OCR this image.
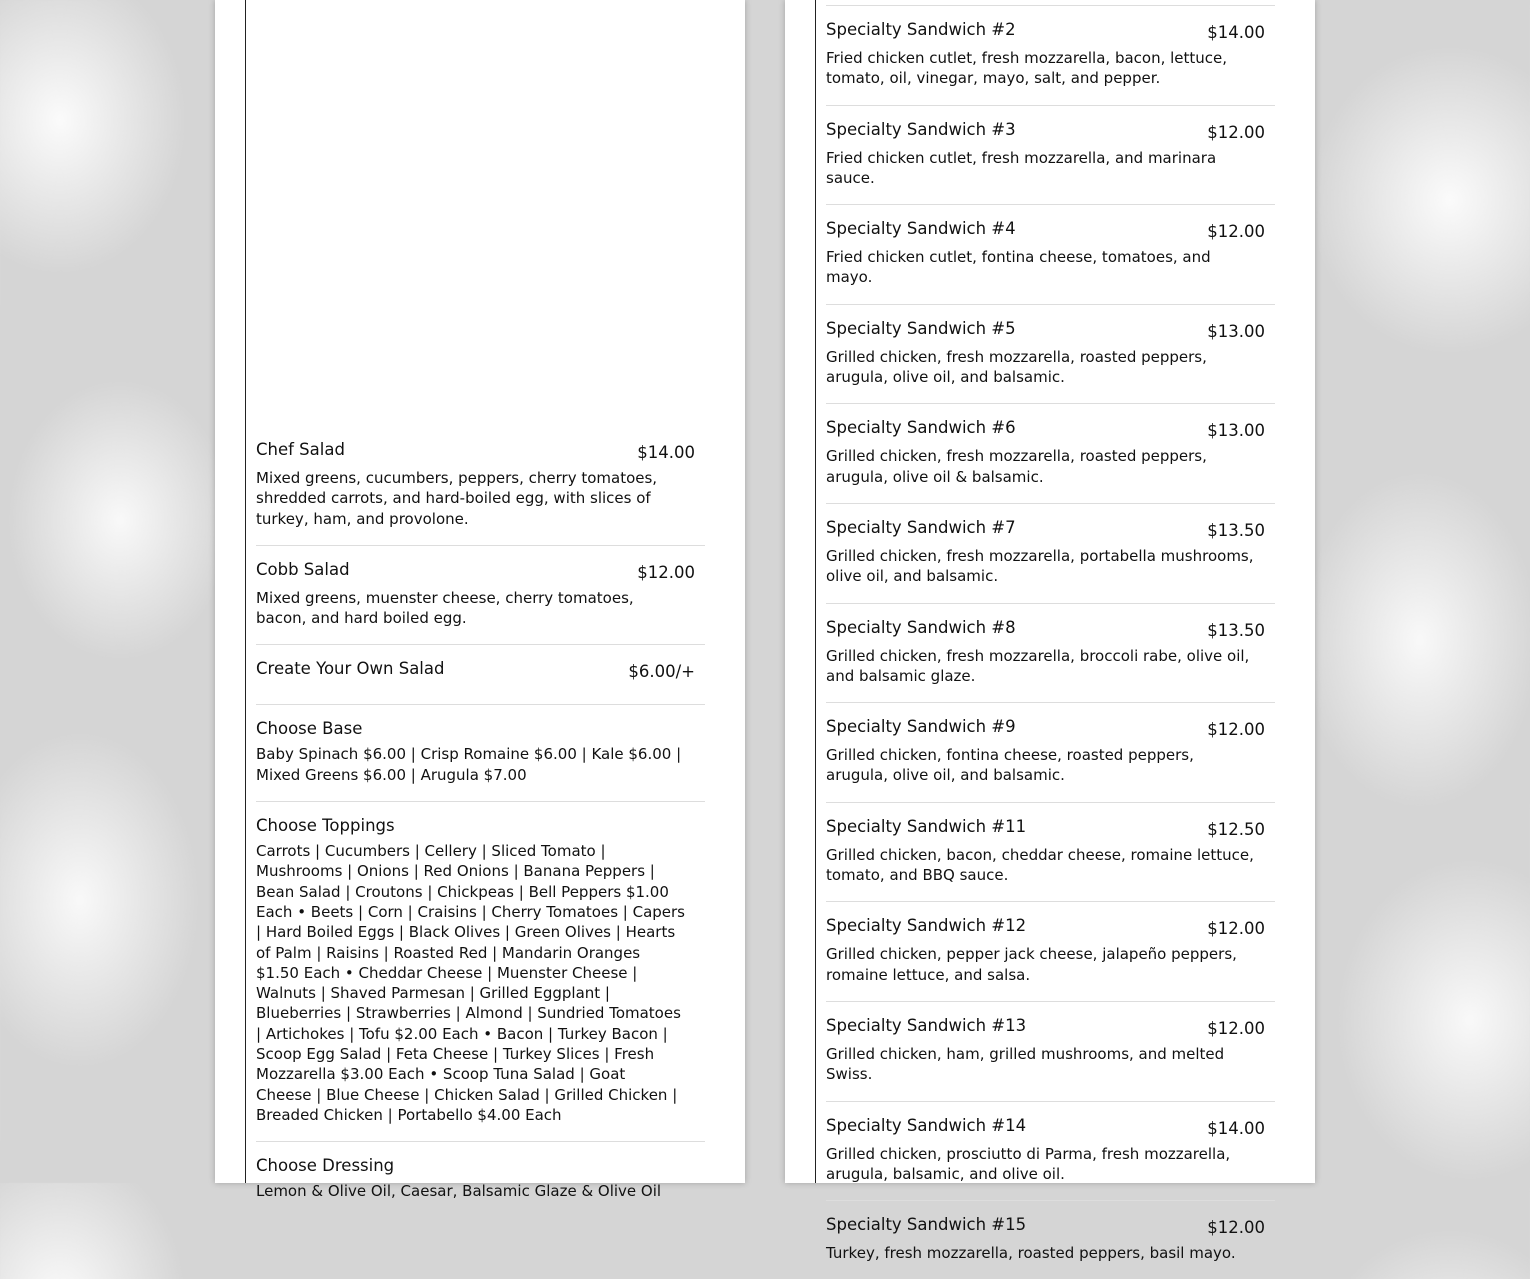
Chef Salad	$14.00
Mixed greens, cucumbers, peppers, cherry tomatoes, shredded carrots, and hard-boiled egg, with slices of turkey, ham, and provolone.
Cobb Salad	$12.00
Mixed greens, muenster cheese, cherry tomatoes, bacon, and hard boiled egg.
Create Your Own Salad	$6.00/+
Choose Base
Baby Spinach $6.00 | Crisp Romaine $6.00 | Kale $6.00 | Mixed Greens $6.00 | Arugula $7.00
Choose Toppings
Carrots | Cucumbers | Cellery | Sliced Tomato | Mushrooms | Onions | Red Onions | Banana Peppers | Bean Salad | Croutons | Chickpeas | Bell Peppers $1.00 Each • Beets | Corn | Craisins | Cherry Tomatoes | Capers | Hard Boiled Eggs | Black Olives | Green Olives | Hearts of Palm | Raisins | Roasted Red | Mandarin Oranges $1.50 Each • Cheddar Cheese | Muenster Cheese | Walnuts | Shaved Parmesan | Grilled Eggplant | Blueberries | Strawberries | Almond | Sundried Tomatoes | Artichokes | Tofu $2.00 Each • Bacon | Turkey Bacon | Scoop Egg Salad | Feta Cheese | Turkey Slices | Fresh Mozzarella $3.00 Each • Scoop Tuna Salad | Goat Cheese | Blue Cheese | Chicken Salad | Grilled Chicken | Breaded Chicken | Portabello $4.00 Each
Choose Dressing
Lemon & Olive Oil, Caesar, Balsamic Glaze & Olive Oil
Specialty Sandwich #2	$14.00
Fried chicken cutlet, fresh mozzarella, bacon, lettuce, tomato, oil, vinegar, mayo, salt, and pepper.
Specialty Sandwich #3	$12.00
Fried chicken cutlet, fresh mozzarella, and marinara sauce.
Specialty Sandwich #4	$12.00
Fried chicken cutlet, fontina cheese, tomatoes, and mayo.
Specialty Sandwich #5	$13.00
Grilled chicken, fresh mozzarella, roasted peppers, arugula, olive oil, and balsamic.
Specialty Sandwich #6	$13.00
Grilled chicken, fresh mozzarella, roasted peppers, arugula, olive oil & balsamic.
Specialty Sandwich #7	$13.50
Grilled chicken, fresh mozzarella, portabella mushrooms, olive oil, and balsamic.
Specialty Sandwich #8	$13.50
Grilled chicken, fresh mozzarella, broccoli rabe, olive oil, and balsamic glaze.
Specialty Sandwich #9	$12.00
Grilled chicken, fontina cheese, roasted peppers, arugula, olive oil, and balsamic.
Specialty Sandwich #11	$12.50
Grilled chicken, bacon, cheddar cheese, romaine lettuce, tomato, and BBQ sauce.
Specialty Sandwich #12	$12.00
Grilled chicken, pepper jack cheese, jalapeño peppers, romaine lettuce, and salsa.
Specialty Sandwich #13	$12.00
Grilled chicken, ham, grilled mushrooms, and melted Swiss.
Specialty Sandwich #14	$14.00
Grilled chicken, prosciutto di Parma, fresh mozzarella, arugula, balsamic, and olive oil.
Specialty Sandwich #15	$12.00
Turkey, fresh mozzarella, roasted peppers, basil mayo.
